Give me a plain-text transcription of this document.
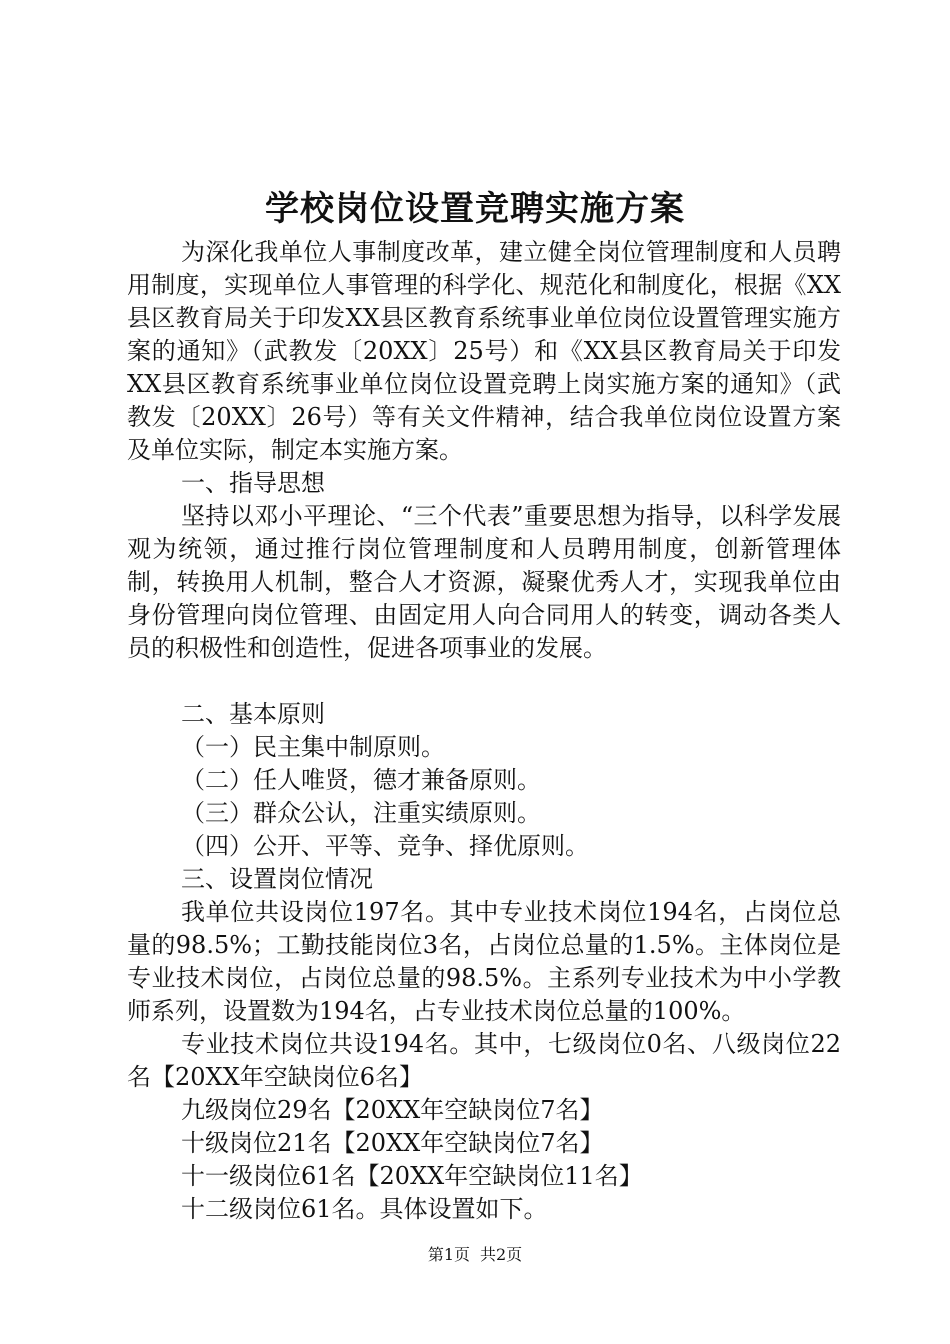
学校岗位设置竞聘实施方案

为深化我单位人事制度改革，建立健全岗位管理制度和人员聘用制度，实现单位人事管理的科学化、规范化和制度化，根据《XX县区教育局关于印发XX县区教育系统事业单位岗位设置管理实施方案的通知》（武教发〔20XX〕25号）和《XX县区教育局关于印发XX县区教育系统事业单位岗位设置竞聘上岗实施方案的通知》（武教发〔20XX〕26号）等有关文件精神，结合我单位岗位设置方案及单位实际，制定本实施方案。

一、指导思想

坚持以邓小平理论、“三个代表”重要思想为指导，以科学发展观为统领，通过推行岗位管理制度和人员聘用制度，创新管理体制，转换用人机制，整合人才资源，凝聚优秀人才，实现我单位由身份管理向岗位管理、由固定用人向合同用人的转变，调动各类人员的积极性和创造性，促进各项事业的发展。

二、基本原则

（一）民主集中制原则。

（二）任人唯贤，德才兼备原则。

（三）群众公认，注重实绩原则。

（四）公开、平等、竞争、择优原则。

三、设置岗位情况

我单位共设岗位197名。其中专业技术岗位194名，占岗位总量的98.5%；工勤技能岗位3名，占岗位总量的1.5%。主体岗位是专业技术岗位，占岗位总量的98.5%。主系列专业技术为中小学教师系列，设置数为194名，占专业技术岗位总量的100%。

专业技术岗位共设194名。其中，七级岗位0名、八级岗位22名【20XX年空缺岗位6名】

九级岗位29名【20XX年空缺岗位7名】

十级岗位21名【20XX年空缺岗位7名】

十一级岗位61名【20XX年空缺岗位11名】

十二级岗位61名。具体设置如下。

第1页 共2页
